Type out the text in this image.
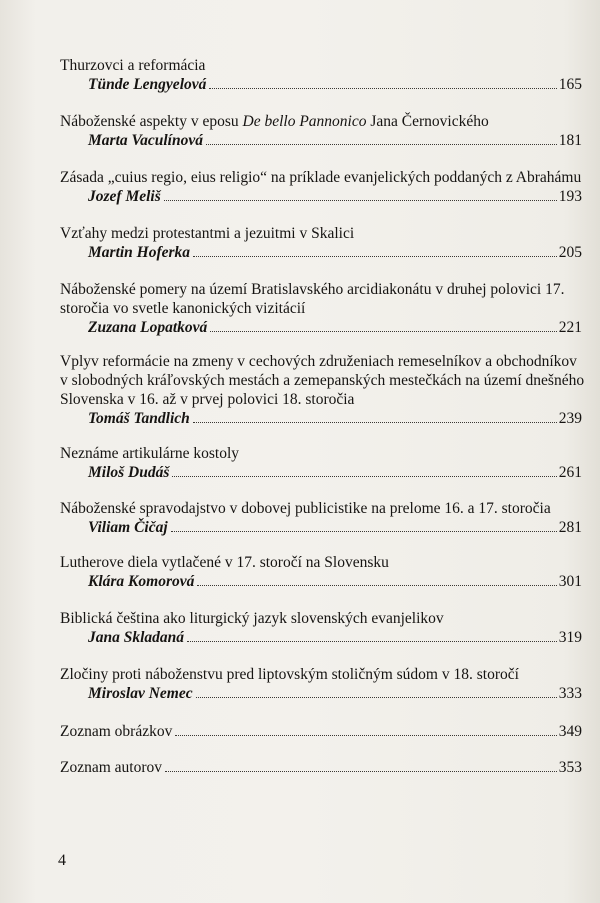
Thurzovci a reformácia
Tünde Lengyelová	165
Náboženské aspekty v eposu De bello Pannonico Jana Černovického
Marta Vaculínová	181
Zásada „cuius regio, eius religio“ na príklade evanjelických poddaných z Abrahámu
Jozef Meliš	193
Vzťahy medzi protestantmi a jezuitmi v Skalici
Martin Hoferka	205
Náboženské pomery na území Bratislavského arcidiakonátu v druhej polovici 17.
storočia vo svetle kanonických vizitácií
Zuzana Lopatková	221
Vplyv reformácie na zmeny v cechových združeniach remeselníkov a obchodníkov
v slobodných kráľovských mestách a zemepanských mestečkách na území dnešného
Slovenska v 16. až v prvej polovici 18. storočia
Tomáš Tandlich	239
Neznáme artikulárne kostoly
Miloš Dudáš	261
Náboženské spravodajstvo v dobovej publicistike na prelome 16. a 17. storočia
Viliam Čičaj	281
Lutherove diela vytlačené v 17. storočí na Slovensku
Klára Komorová	301
Biblická čeština ako liturgický jazyk slovenských evanjelikov
Jana Skladaná	319
Zločiny proti náboženstvu pred liptovským stoličným súdom v 18. storočí
Miroslav Nemec	333
Zoznam obrázkov	349
Zoznam autorov	353
4
